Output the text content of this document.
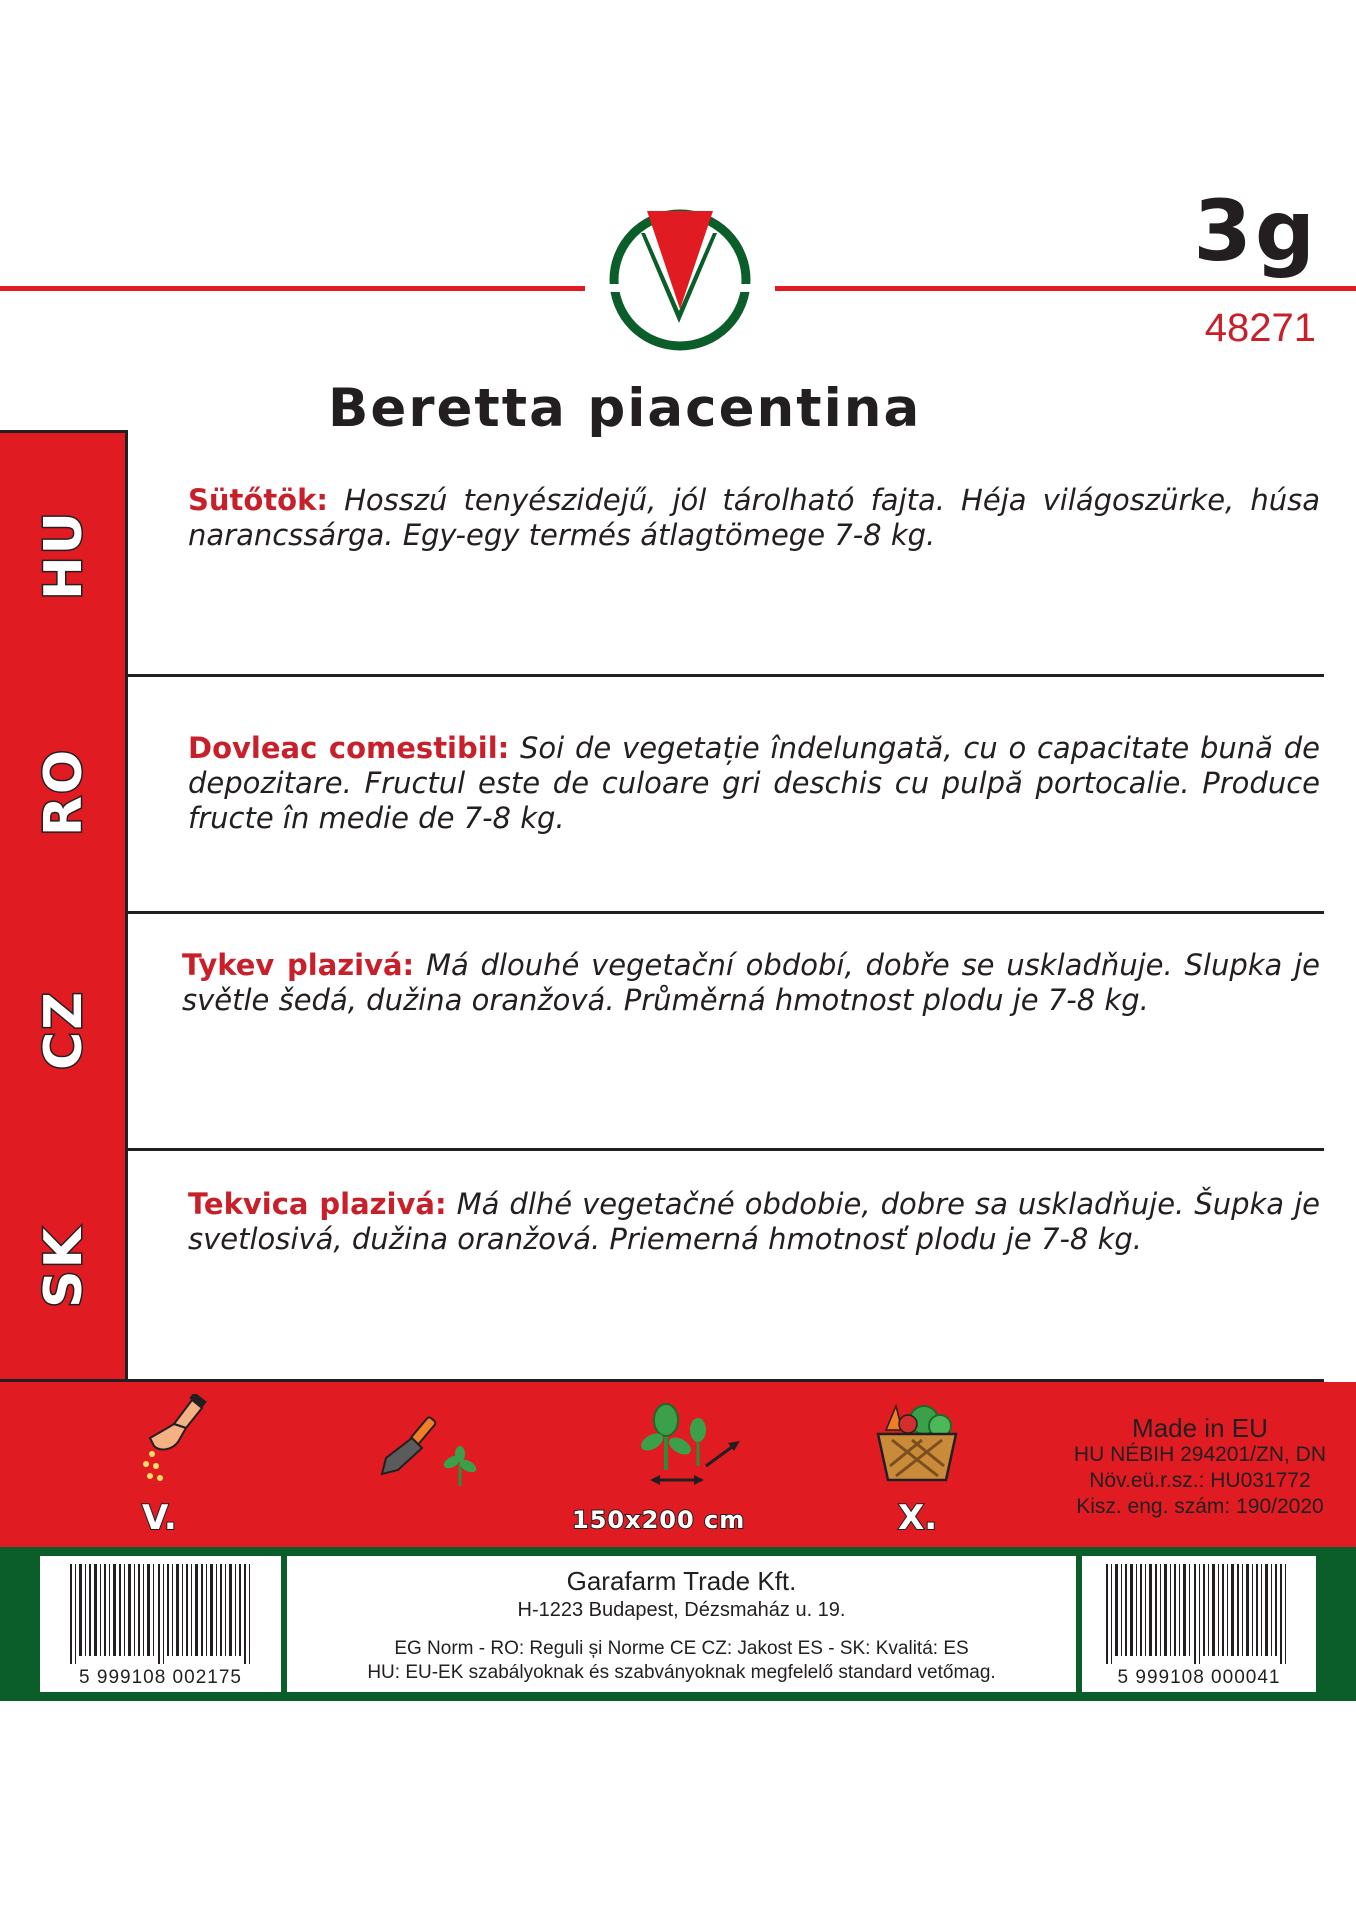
3g
48271
Beretta piacentina
HU
RO
CZ
SK

Sütőtök: Hosszú tenyészidejű, jól tárolható fajta. Héja világoszürke, húsa narancssárga. Egy-egy termés átlagtömege 7-8 kg.

Dovleac comestibil: Soi de vegetație îndelungată, cu o capacitate bună de depozitare. Fructul este de culoare gri deschis cu pulpă portocalie. Produce fructe în medie de 7-8 kg.

Tykev plazivá: Má dlouhé vegetační období, dobře se uskladňuje. Slupka je světle šedá, dužina oranžová. Průměrná hmotnost plodu je 7-8 kg.

Tekvica plazivá: Má dlhé vegetačné obdobie, dobre sa uskladňuje. Šupka je svetlosivá, dužina oranžová. Priemerná hmotnosť plodu je 7-8 kg.

V.	150x200 cm	X.
Made in EU
HU NÉBIH 294201/ZN, DN
Növ.eü.r.sz.: HU031772
Kisz. eng. szám: 190/2020
5 999108 002175
Garafarm Trade Kft.
H-1223 Budapest, Dézsmaház u. 19.
EG Norm - RO: Reguli și Norme CE CZ: Jakost ES - SK: Kvalitá: ES
HU: EU-EK szabályoknak és szabványoknak megfelelő standard vetőmag.	5 999108 000041
